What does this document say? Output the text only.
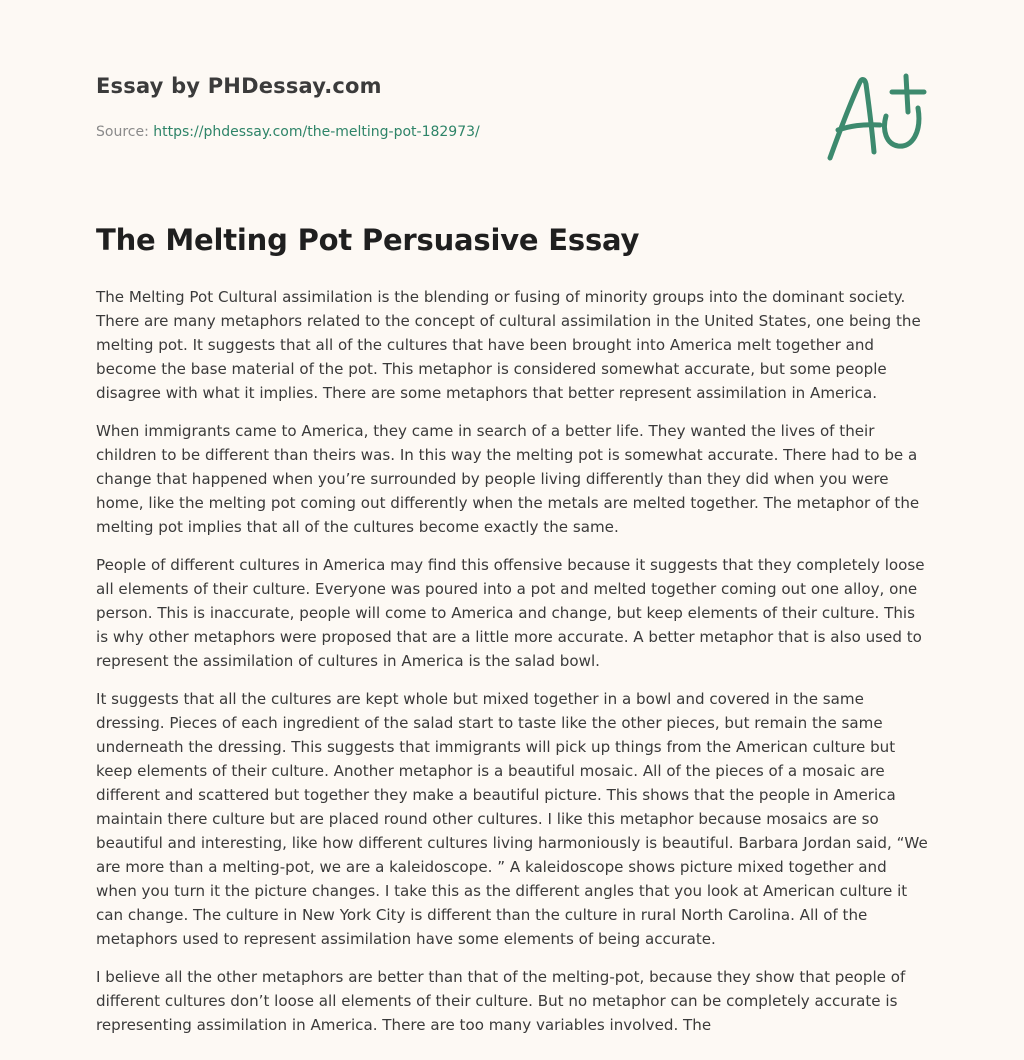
Essay by PHDessay.com
Source: https://phdessay.com/the-melting-pot-182973/
The Melting Pot Persuasive Essay

The Melting Pot Cultural assimilation is the blending or fusing of minority groups into the dominant society. There are many metaphors related to the concept of cultural assimilation in the United States, one being the melting pot. It suggests that all of the cultures that have been brought into America melt together and become the base material of the pot. This metaphor is considered somewhat accurate, but some people disagree with what it implies. There are some metaphors that better represent assimilation in America.

When immigrants came to America, they came in search of a better life. They wanted the lives of their children to be different than theirs was. In this way the melting pot is somewhat accurate. There had to be a change that happened when you’re surrounded by people living differently than they did when you were home, like the melting pot coming out differently when the metals are melted together. The metaphor of the melting pot implies that all of the cultures become exactly the same.

People of different cultures in America may find this offensive because it suggests that they completely loose all elements of their culture. Everyone was poured into a pot and melted together coming out one alloy, one person. This is inaccurate, people will come to America and change, but keep elements of their culture. This is why other metaphors were proposed that are a little more accurate. A better metaphor that is also used to represent the assimilation of cultures in America is the salad bowl.

It suggests that all the cultures are kept whole but mixed together in a bowl and covered in the same dressing. Pieces of each ingredient of the salad start to taste like the other pieces, but remain the same underneath the dressing. This suggests that immigrants will pick up things from the American culture but keep elements of their culture. Another metaphor is a beautiful mosaic. All of the pieces of a mosaic are different and scattered but together they make a beautiful picture. This shows that the people in America maintain there culture but are placed round other cultures. I like this metaphor because mosaics are so beautiful and interesting, like how different cultures living harmoniously is beautiful. Barbara Jordan said, “We are more than a melting-pot, we are a kaleidoscope. ” A kaleidoscope shows picture mixed together and when you turn it the picture changes. I take this as the different angles that you look at American culture it can change. The culture in New York City is different than the culture in rural North Carolina. All of the metaphors used to represent assimilation have some elements of being accurate.

I believe all the other metaphors are better than that of the melting-pot, because they show that people of different cultures don’t loose all elements of their culture. But no metaphor can be completely accurate is representing assimilation in America. There are too many variables involved. The
